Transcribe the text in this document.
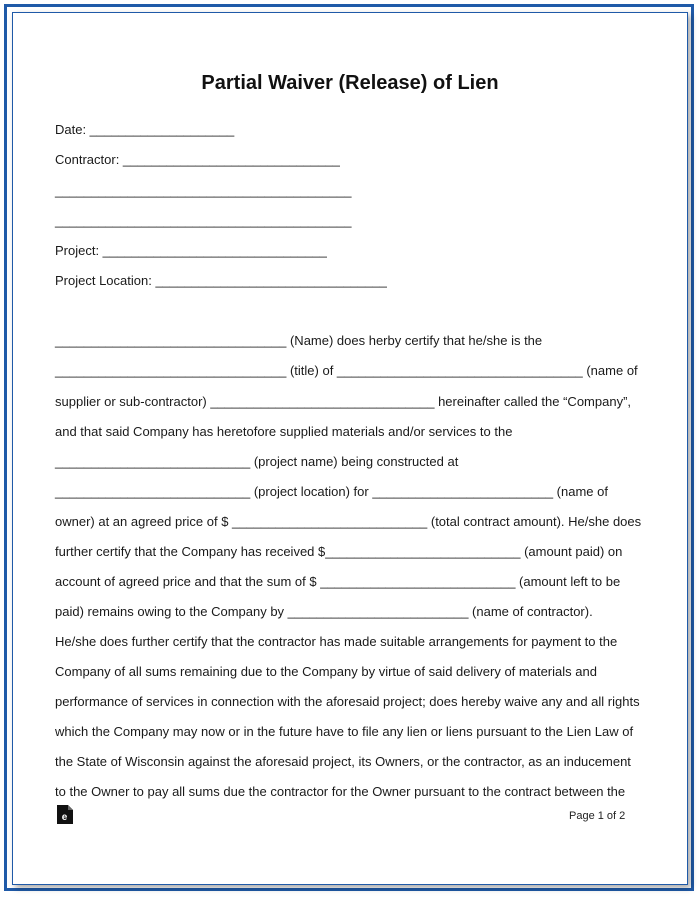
Partial Waiver (Release) of Lien
Date: ____________________
Contractor: ______________________________
_________________________________________
_________________________________________
Project: _______________________________
Project Location: ________________________________
________________________________ (Name) does herby certify that he/she is the
________________________________ (title) of __________________________________ (name of
supplier or sub-contractor) _______________________________ hereinafter called the “Company”,
and that said Company has heretofore supplied materials and/or services to the
___________________________ (project name) being constructed at
___________________________ (project location) for _________________________ (name of
owner) at an agreed price of $ ___________________________ (total contract amount). He/she does
further certify that the Company has received $___________________________ (amount paid) on
account of agreed price and that the sum of $ ___________________________ (amount left to be
paid) remains owing to the Company by _________________________ (name of contractor).
He/she does further certify that the contractor has made suitable arrangements for payment to the
Company of all sums remaining due to the Company by virtue of said delivery of materials and
performance of services in connection with the aforesaid project; does hereby waive any and all rights
which the Company may now or in the future have to file any lien or liens pursuant to the Lien Law of
the State of Wisconsin against the aforesaid project, its Owners, or the contractor, as an inducement
to the Owner to pay all sums due the contractor for the Owner pursuant to the contract between the
e	Page 1 of 2
